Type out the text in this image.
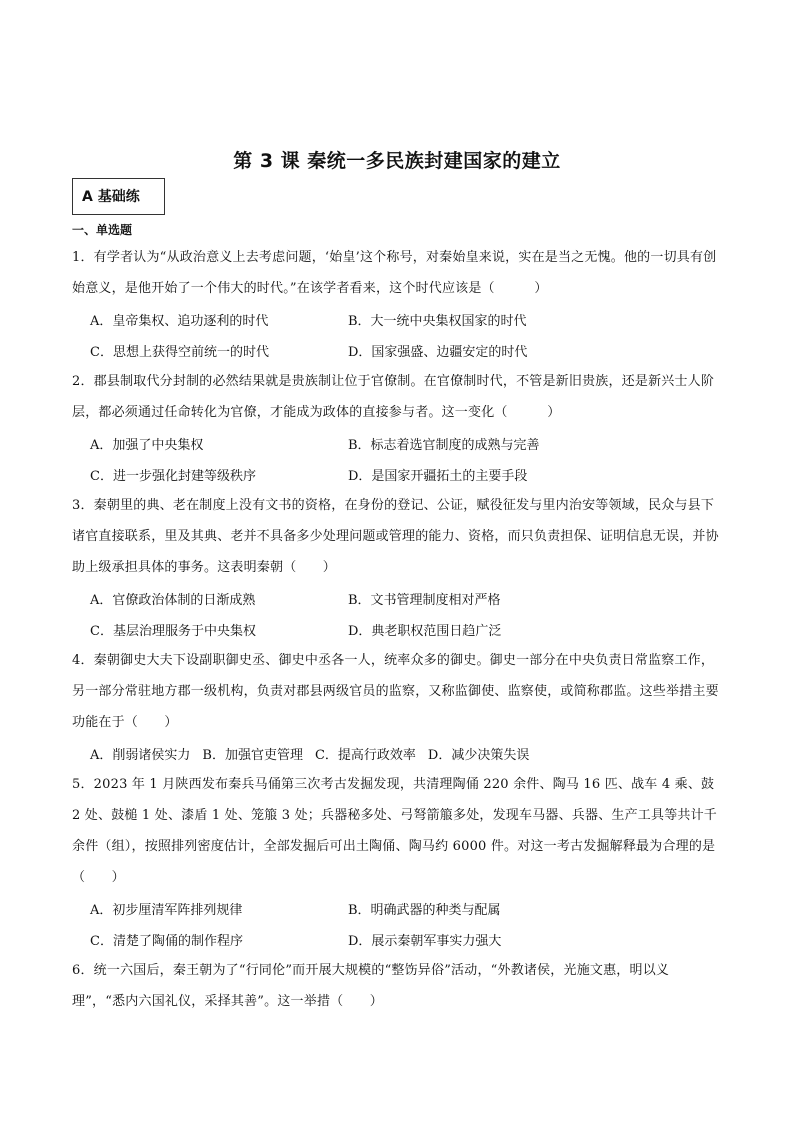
第 3 课 秦统一多民族封建国家的建立
A 基础练
一、单选题

1．有学者认为“从政治意义上去考虑问题，‘始皇’这个称号，对秦始皇来说，实在是当之无愧。他的一切具有创始意义，是他开始了一个伟大的时代。”在该学者看来，这个时代应该是（　　　）

A．皇帝集权、追功逐利的时代	B．大一统中央集权国家的时代
C．思想上获得空前统一的时代	D．国家强盛、边疆安定的时代

2．郡县制取代分封制的必然结果就是贵族制让位于官僚制。在官僚制时代，不管是新旧贵族，还是新兴士人阶层，都必须通过任命转化为官僚，才能成为政体的直接参与者。这一变化（　　　）

A．加强了中央集权	B．标志着选官制度的成熟与完善
C．进一步强化封建等级秩序	D．是国家开疆拓土的主要手段

3．秦朝里的典、老在制度上没有文书的资格，在身份的登记、公证，赋役征发与里内治安等领域，民众与县下诸官直接联系，里及其典、老并不具备多少处理问题或管理的能力、资格，而只负责担保、证明信息无误，并协助上级承担具体的事务。这表明秦朝（　　）

A．官僚政治体制的日渐成熟	B．文书管理制度相对严格
C．基层治理服务于中央集权	D．典老职权范围日趋广泛

4．秦朝御史大夫下设副职御史丞、御史中丞各一人，统率众多的御史。御史一部分在中央负责日常监察工作，另一部分常驻地方郡一级机构，负责对郡县两级官员的监察，又称监御使、监察使，或简称郡监。这些举措主要功能在于（　　）

A．削弱诸侯实力 B．加强官吏管理 C．提高行政效率 D．减少决策失误

5．2023 年 1 月陕西发布秦兵马俑第三次考古发掘发现，共清理陶俑 220 余件、陶马 16 匹、战车 4 乘、鼓 2 处、鼓槌 1 处、漆盾 1 处、笼箙 3 处；兵器秘多处、弓弩箭箙多处，发现车马器、兵器、生产工具等共计千余件（组），按照排列密度估计，全部发掘后可出土陶俑、陶马约 6000 件。对这一考古发掘解释最为合理的是（　　）

A．初步厘清军阵排列规律	B．明确武器的种类与配属
C．清楚了陶俑的制作程序	D．展示秦朝军事实力强大

6．统一六国后，秦王朝为了“行同伦”而开展大规模的“整饬异俗”活动，“外教诸侯，光施文惠，明以义理”，“悉内六国礼仪，采择其善”。这一举措（　　）
